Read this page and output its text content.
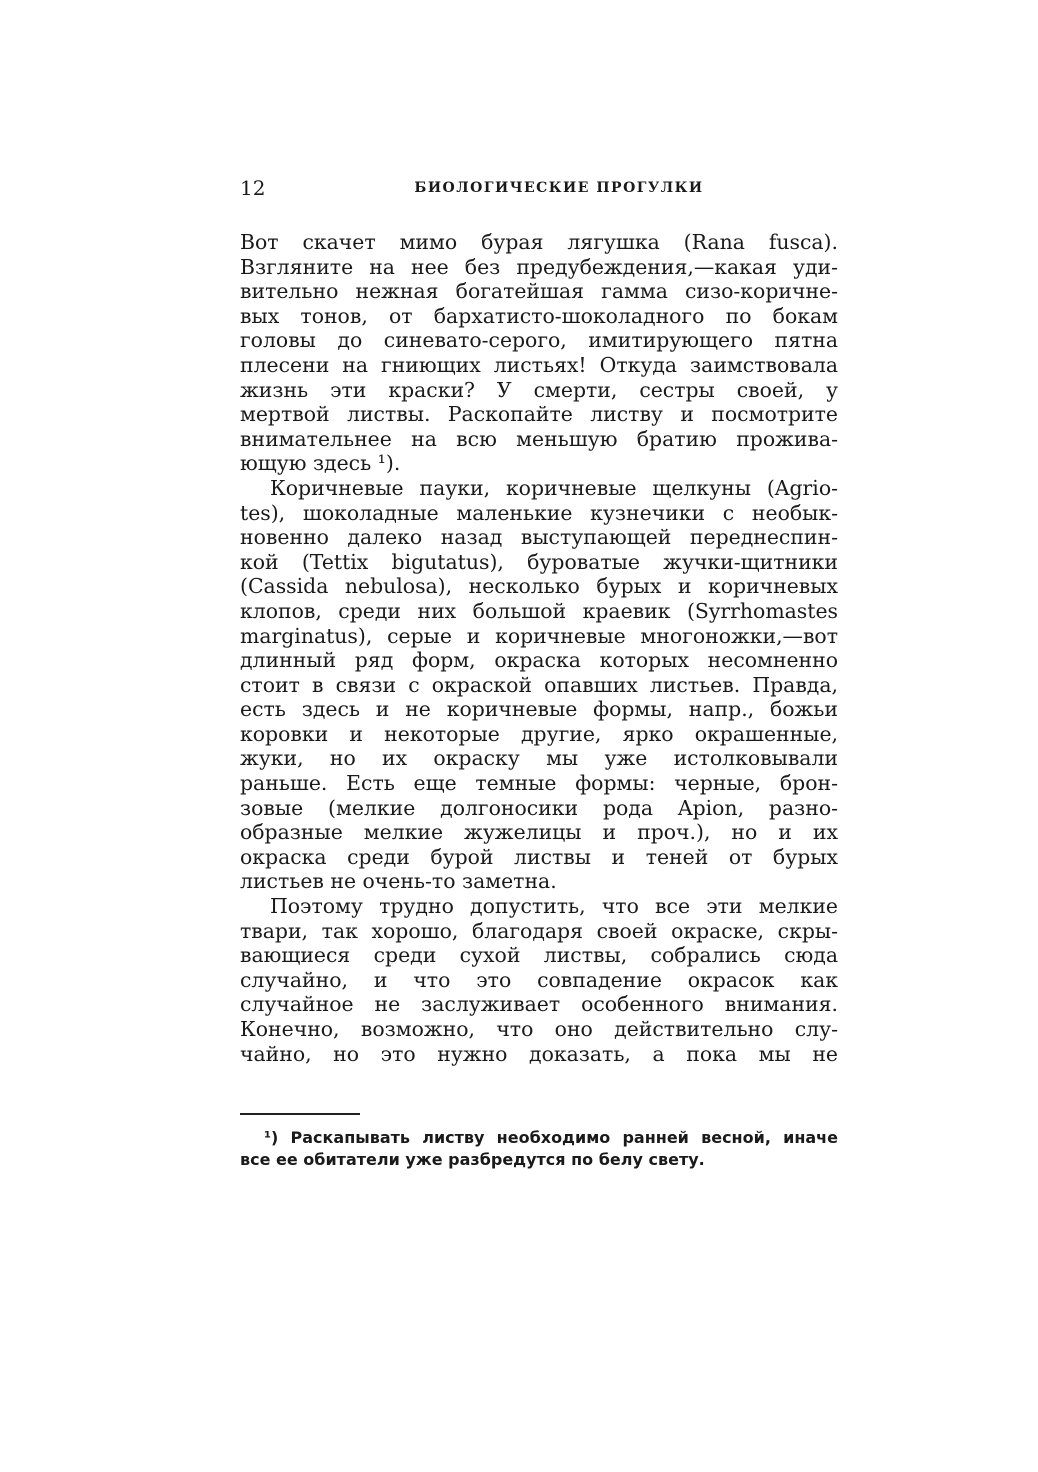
12	БИОЛОГИЧЕСКИЕ ПРОГУЛКИ
Вот скачет мимо бурая лягушка (Rana fusca).
Взгляните на нее без предубеждения,—какая уди-
вительно нежная богатейшая гамма сизо-коричне-
вых тонов, от бархатисто-шоколадного по бокам
головы до синевато-серого, имитирующего пятна
плесени на гниющих листьях! Откуда заимствовала
жизнь эти краски? У смерти, сестры своей, у
мертвой листвы. Раскопайте листву и посмотрите
внимательнее на всю меньшую братию прожива-
ющую здесь ¹).
Коричневые пауки, коричневые щелкуны (Agrio-
tes), шоколадные маленькие кузнечики с необык-
новенно далеко назад выступающей переднеспин-
кой (Tettix bigutatus), буроватые жучки-щитники
(Cassida nebulosa), несколько бурых и коричневых
клопов, среди них большой краевик (Syrrhomastes
marginatus), серые и коричневые многоножки,—вот
длинный ряд форм, окраска которых несомненно
стоит в связи с окраской опавших листьев. Правда,
есть здесь и не коричневые формы, напр., божьи
коровки и некоторые другие, ярко окрашенные,
жуки, но их окраску мы уже истолковывали
раньше. Есть еще темные формы: черные, брон-
зовые (мелкие долгоносики рода Apion, разно-
образные мелкие жужелицы и проч.), но и их
окраска среди бурой листвы и теней от бурых
листьев не очень-то заметна.
Поэтому трудно допустить, что все эти мелкие
твари, так хорошо, благодаря своей окраске, скры-
вающиеся среди сухой листвы, собрались сюда
случайно, и что это совпадение окрасок как
случайное не заслуживает особенного внимания.
Конечно, возможно, что оно действительно слу-
чайно, но это нужно доказать, а пока мы не
¹) Раскапывать листву необходимо ранней весной, иначе
все ее обитатели уже разбредутся по белу свету.
